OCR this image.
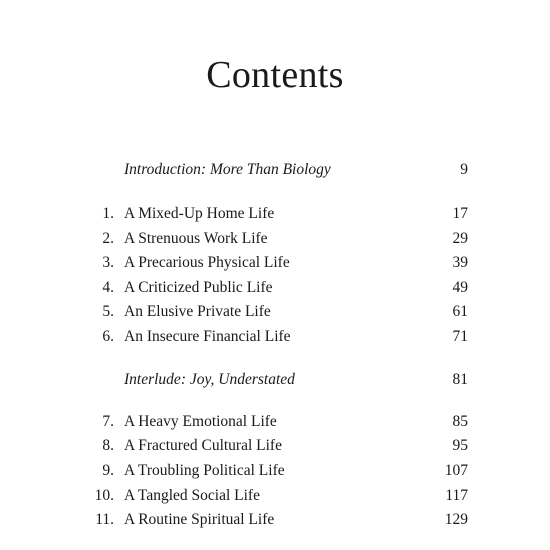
Contents
Introduction: More Than Biology	9
1. A Mixed-Up Home Life	17
2. A Strenuous Work Life	29
3. A Precarious Physical Life	39
4. A Criticized Public Life	49
5. An Elusive Private Life	61
6. An Insecure Financial Life	71
Interlude: Joy, Understated	81
7. A Heavy Emotional Life	85
8. A Fractured Cultural Life	95
9. A Troubling Political Life	107
10. A Tangled Social Life	117
11. A Routine Spiritual Life	129
